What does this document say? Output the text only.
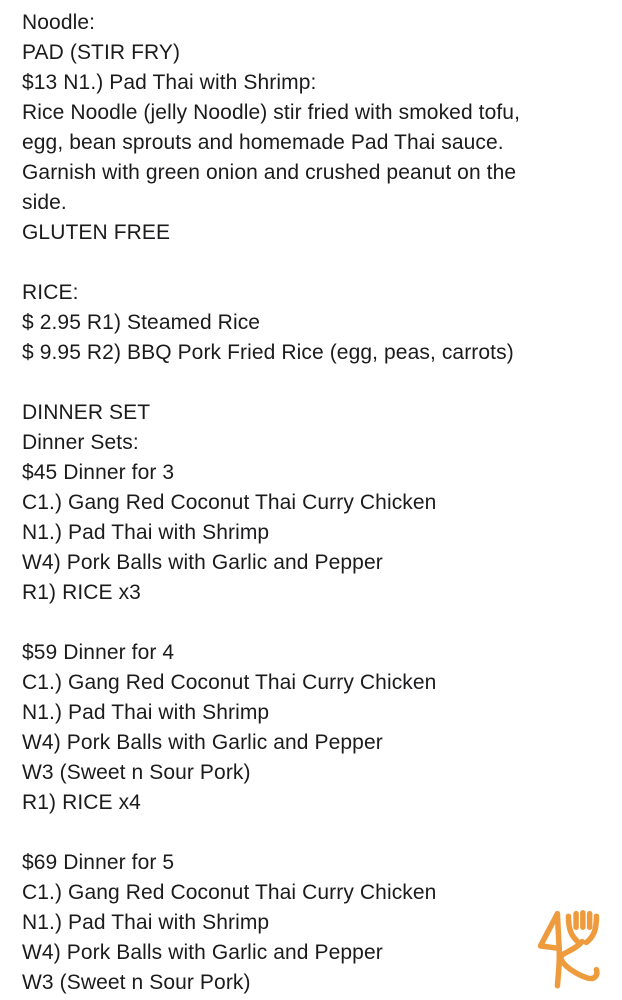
Noodle:
PAD (STIR FRY)
$13 N1.) Pad Thai with Shrimp:
Rice Noodle (jelly Noodle) stir fried with smoked tofu,
egg, bean sprouts and homemade Pad Thai sauce.
Garnish with green onion and crushed peanut on the
side.
GLUTEN FREE
RICE:
$ 2.95 R1) Steamed Rice
$ 9.95 R2) BBQ Pork Fried Rice (egg, peas, carrots)
DINNER SET
Dinner Sets:
$45 Dinner for 3
C1.) Gang Red Coconut Thai Curry Chicken
N1.) Pad Thai with Shrimp
W4) Pork Balls with Garlic and Pepper
R1) RICE x3
$59 Dinner for 4
C1.) Gang Red Coconut Thai Curry Chicken
N1.) Pad Thai with Shrimp
W4) Pork Balls with Garlic and Pepper
W3 (Sweet n Sour Pork)
R1) RICE x4
$69 Dinner for 5
C1.) Gang Red Coconut Thai Curry Chicken
N1.) Pad Thai with Shrimp
W4) Pork Balls with Garlic and Pepper
W3 (Sweet n Sour Pork)
